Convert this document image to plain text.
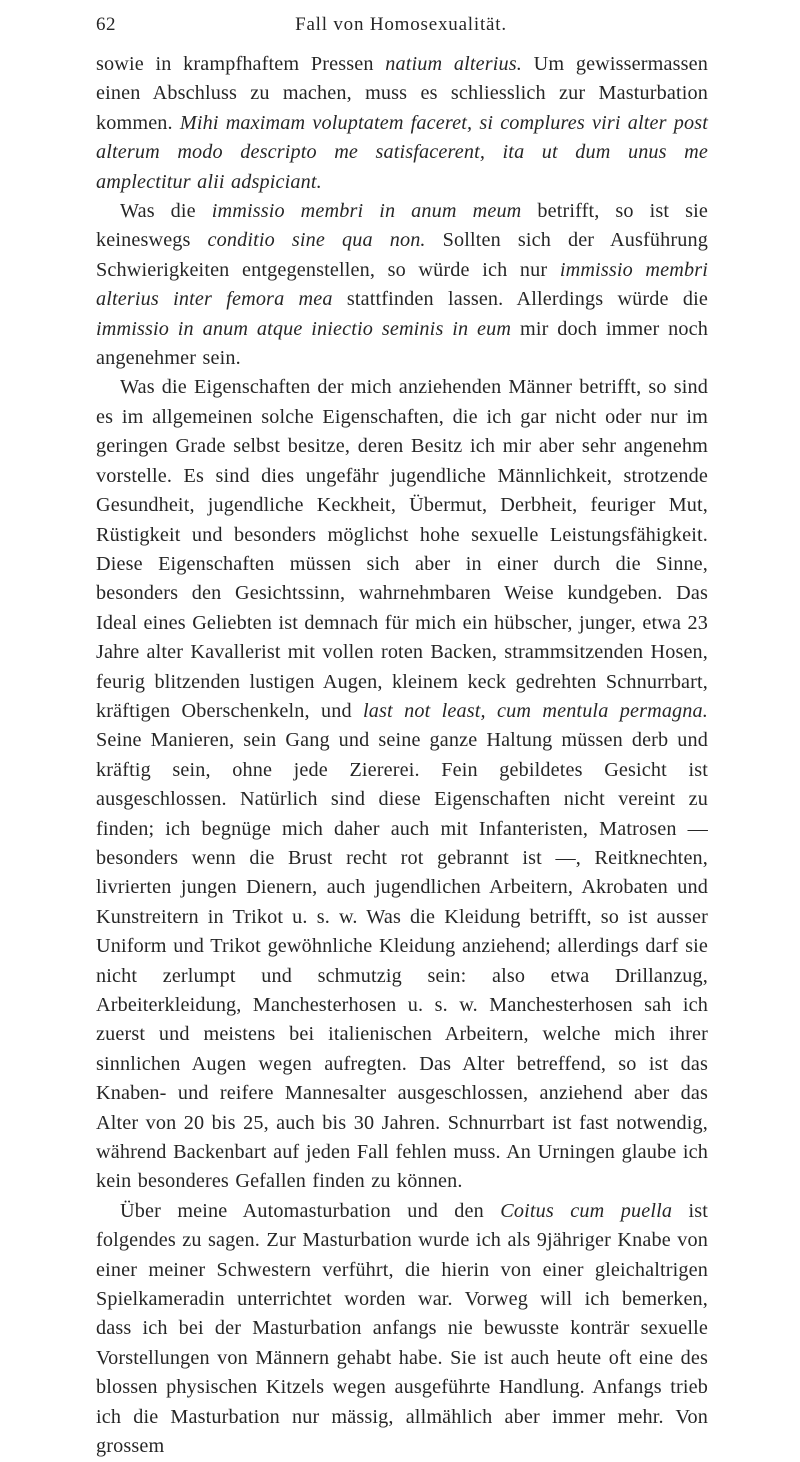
62	Fall von Homosexualität.

sowie in krampfhaftem Pressen natium alterius. Um gewissermassen einen Abschluss zu machen, muss es schliesslich zur Masturbation kommen. Mihi maximam voluptatem faceret, si complures viri alter post alterum modo descripto me satisfacerent, ita ut dum unus me amplectitur alii adspiciant.

Was die immissio membri in anum meum betrifft, so ist sie keineswegs conditio sine qua non. Sollten sich der Ausführung Schwierigkeiten entgegenstellen, so würde ich nur immissio membri alterius inter femora mea stattfinden lassen. Allerdings würde die immissio in anum atque iniectio seminis in eum mir doch immer noch angenehmer sein.

Was die Eigenschaften der mich anziehenden Männer betrifft, so sind es im allgemeinen solche Eigenschaften, die ich gar nicht oder nur im geringen Grade selbst besitze, deren Besitz ich mir aber sehr angenehm vorstelle. Es sind dies ungefähr jugendliche Männlichkeit, strotzende Gesundheit, jugendliche Keckheit, Übermut, Derbheit, feuriger Mut, Rüstigkeit und besonders möglichst hohe sexuelle Leistungsfähigkeit. Diese Eigenschaften müssen sich aber in einer durch die Sinne, besonders den Gesichtssinn, wahrnehmbaren Weise kundgeben. Das Ideal eines Geliebten ist demnach für mich ein hübscher, junger, etwa 23 Jahre alter Kavallerist mit vollen roten Backen, strammsitzenden Hosen, feurig blitzenden lustigen Augen, kleinem keck gedrehten Schnurrbart, kräftigen Oberschenkeln, und last not least, cum mentula permagna. Seine Manieren, sein Gang und seine ganze Haltung müssen derb und kräftig sein, ohne jede Ziererei. Fein gebildetes Gesicht ist ausgeschlossen. Natürlich sind diese Eigenschaften nicht vereint zu finden; ich begnüge mich daher auch mit Infanteristen, Matrosen — besonders wenn die Brust recht rot gebrannt ist —, Reitknechten, livrierten jungen Dienern, auch jugendlichen Arbeitern, Akrobaten und Kunstreitern in Trikot u. s. w. Was die Kleidung betrifft, so ist ausser Uniform und Trikot gewöhnliche Kleidung anziehend; allerdings darf sie nicht zerlumpt und schmutzig sein: also etwa Drillanzug, Arbeiterkleidung, Manchesterhosen u. s. w. Manchesterhosen sah ich zuerst und meistens bei italienischen Arbeitern, welche mich ihrer sinnlichen Augen wegen aufregten. Das Alter betreffend, so ist das Knaben- und reifere Mannesalter ausgeschlossen, anziehend aber das Alter von 20 bis 25, auch bis 30 Jahren. Schnurrbart ist fast notwendig, während Backenbart auf jeden Fall fehlen muss. An Urningen glaube ich kein besonderes Gefallen finden zu können.

Über meine Automasturbation und den Coitus cum puella ist folgendes zu sagen. Zur Masturbation wurde ich als 9jähriger Knabe von einer meiner Schwestern verführt, die hierin von einer gleichaltrigen Spielkameradin unterrichtet worden war. Vorweg will ich bemerken, dass ich bei der Masturbation anfangs nie bewusste konträr sexuelle Vorstellungen von Männern gehabt habe. Sie ist auch heute oft eine des blossen physischen Kitzels wegen ausgeführte Handlung. Anfangs trieb ich die Masturbation nur mässig, allmählich aber immer mehr. Von grossem
